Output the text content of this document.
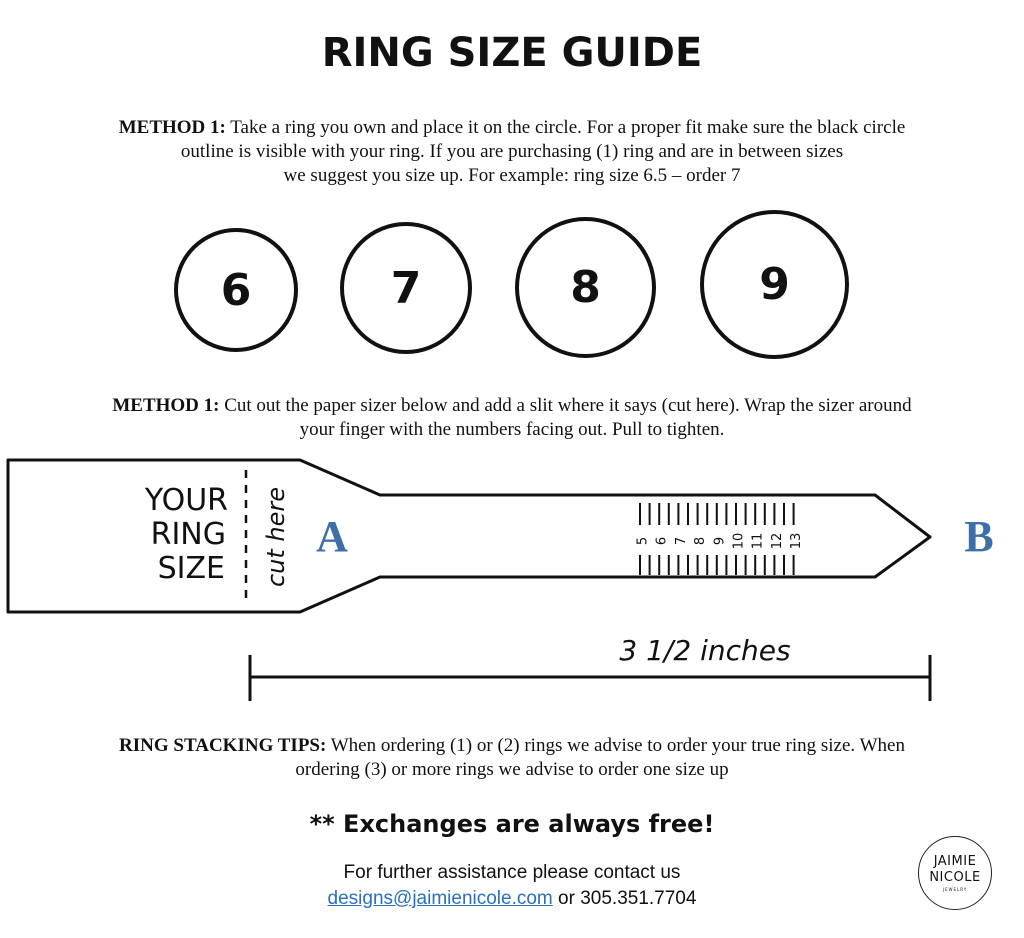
RING SIZE GUIDE
METHOD 1: Take a ring you own and place it on the circle. For a proper fit make sure the black circle
outline is visible with your ring. If you are purchasing (1) ring and are in between sizes
we suggest you size up. For example: ring size 6.5 – order 7
6	7	8	9
METHOD 1: Cut out the paper sizer below and add a slit where it says (cut here). Wrap the sizer around
your finger with the numbers facing out. Pull to tighten.
YOUR
RING
SIZE cut here A	B
5 6 7 8 9 10 11 12 13
3 1/2 inches
RING STACKING TIPS: When ordering (1) or (2) rings we advise to order your true ring size. When
ordering (3) or more rings we advise to order one size up
** Exchanges are always free!
For further assistance please contact us
designs@jaimienicole.com or 305.351.7704
JAIMIE
NICOLE
JEWELRY
